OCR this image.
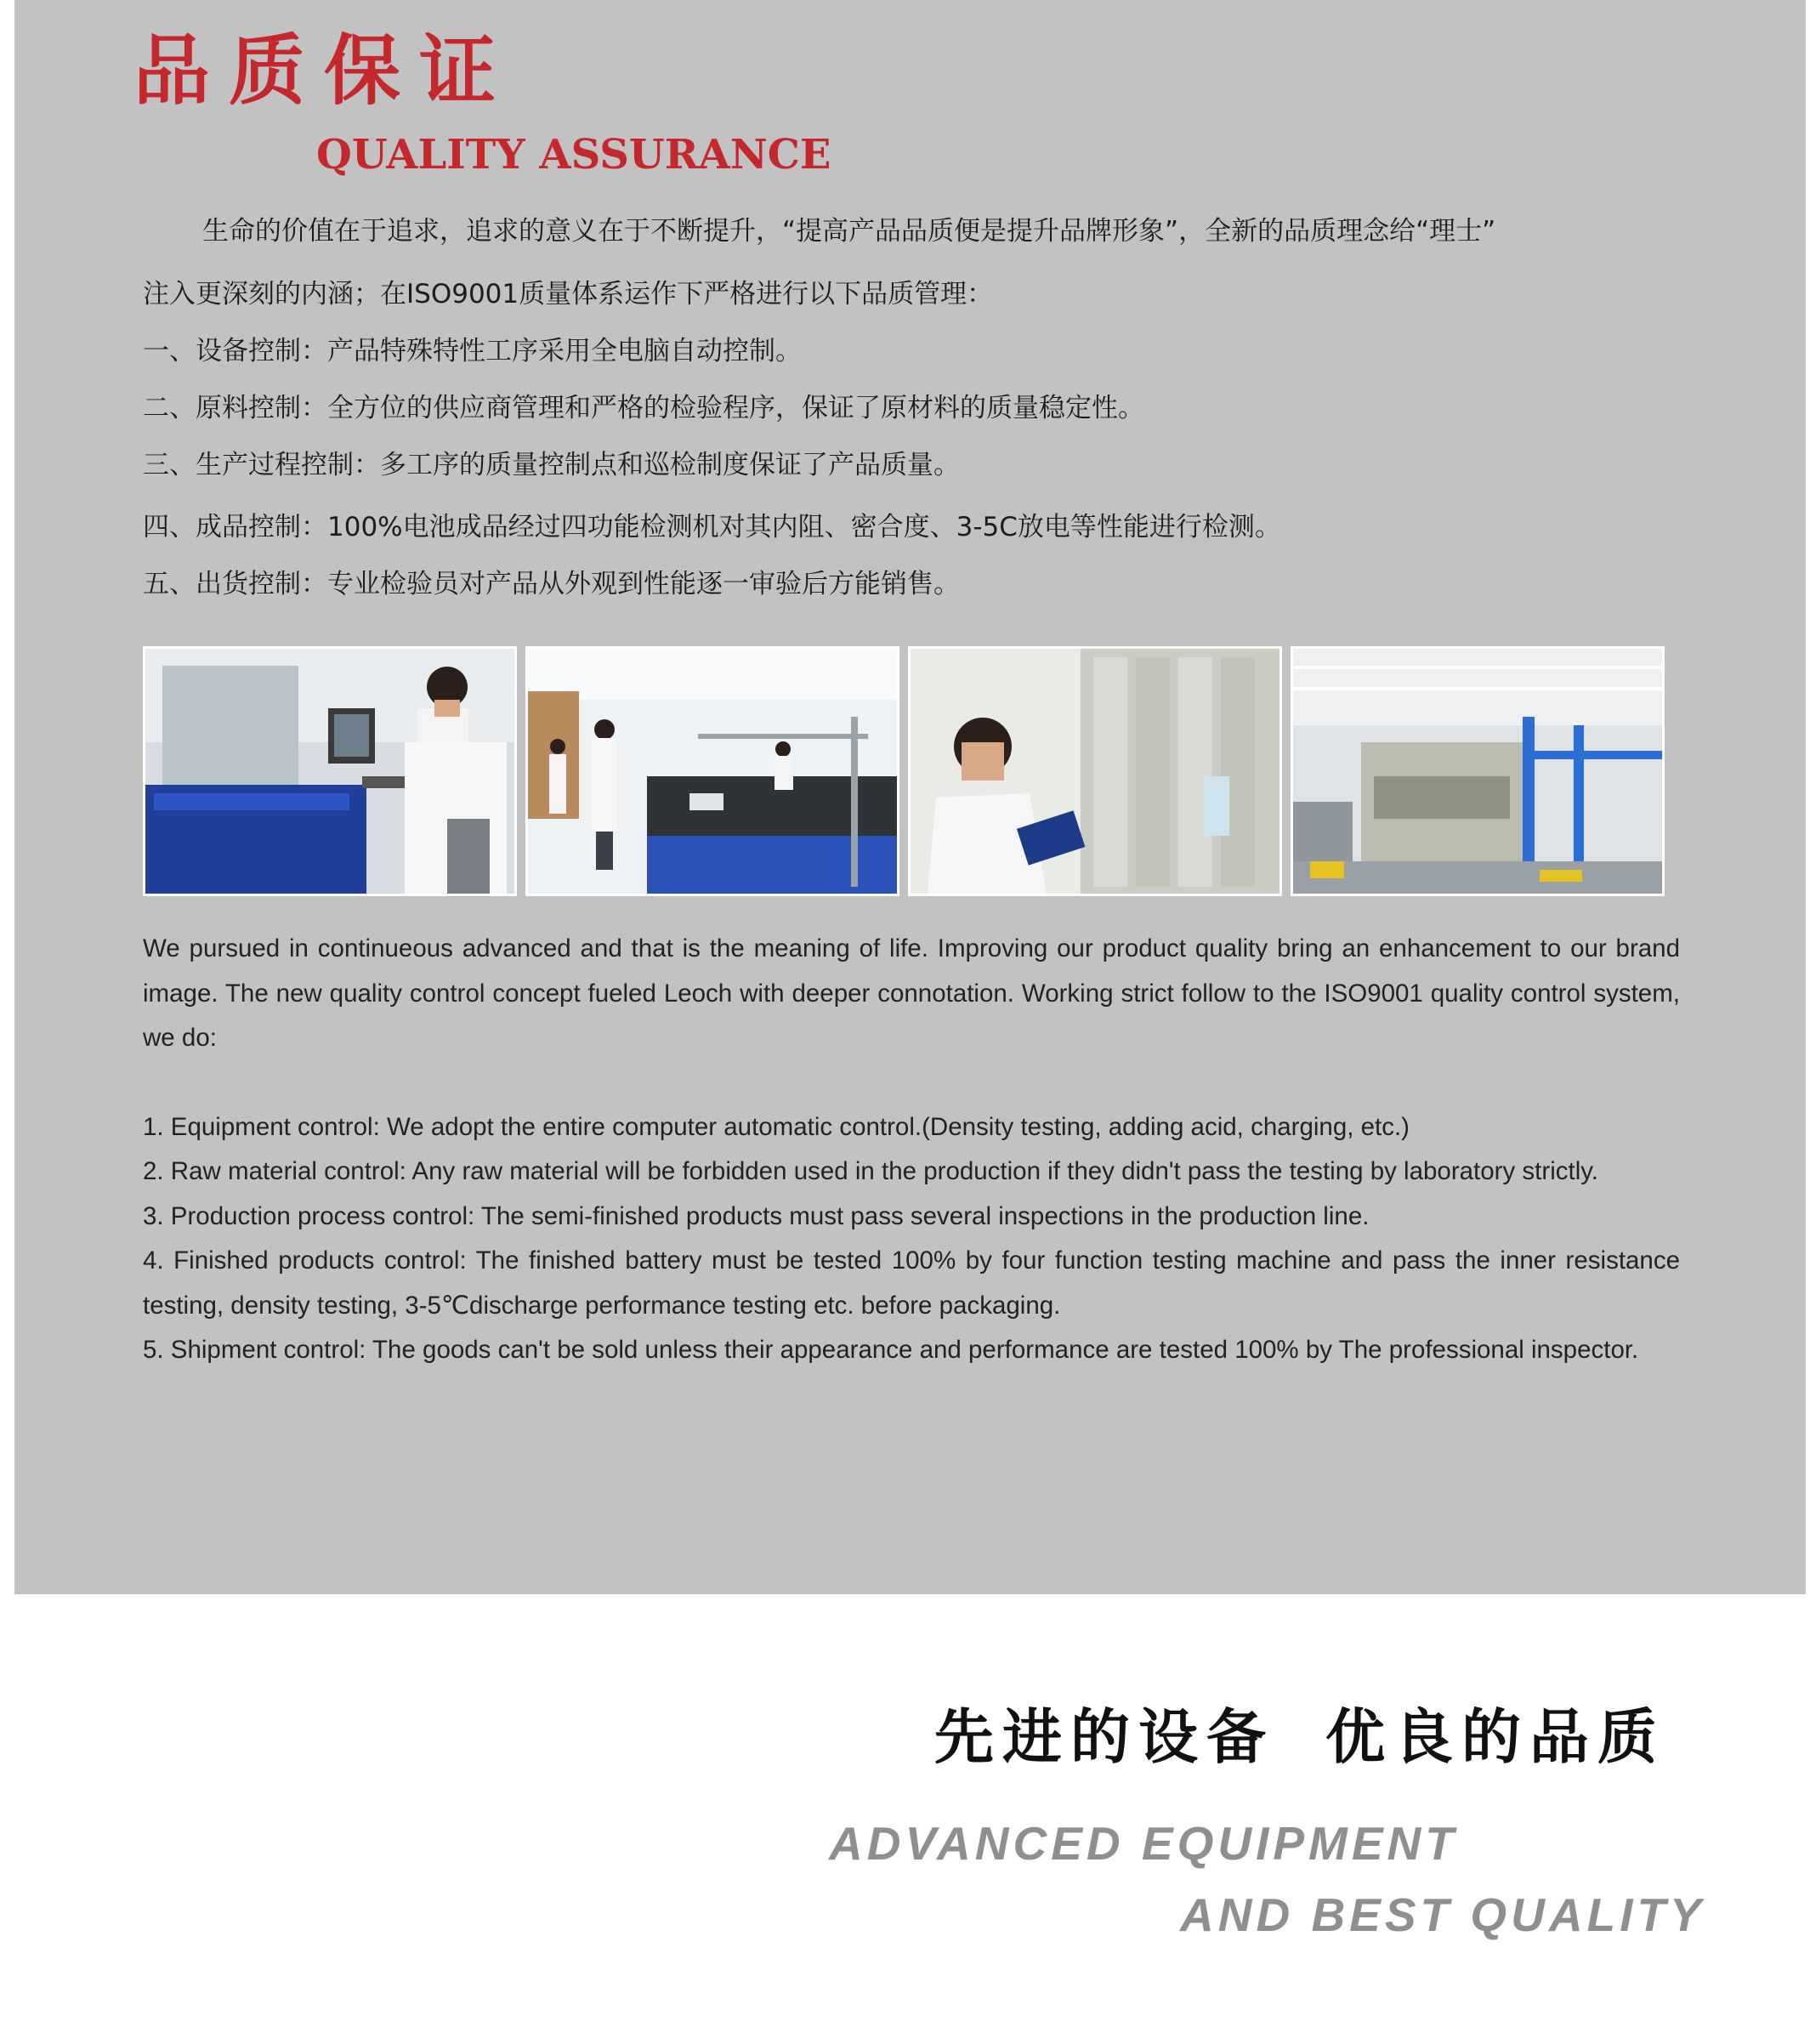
品质保证
QUALITY ASSURANCE
生命的价值在于追求，追求的意义在于不断提升，“提高产品品质便是提升品牌形象”，全新的品质理念给“理士”
注入更深刻的内涵；在ISO9001质量体系运作下严格进行以下品质管理：
一、设备控制：产品特殊特性工序采用全电脑自动控制。
二、原料控制：全方位的供应商管理和严格的检验程序，保证了原材料的质量稳定性。
三、生产过程控制：多工序的质量控制点和巡检制度保证了产品质量。
四、成品控制：100%电池成品经过四功能检测机对其内阻、密合度、3-5C放电等性能进行检测。
五、出货控制：专业检验员对产品从外观到性能逐一审验后方能销售。

We pursued in continueous advanced and that is the meaning of life. Improving our product quality bring an enhancement to our brand image. The new quality control concept fueled Leoch with deeper connotation. Working strict follow to the ISO9001 quality control system, we do:

1. Equipment control: We adopt the entire computer automatic control.(Density testing, adding acid, charging, etc.)

2. Raw material control: Any raw material will be forbidden used in the production if they didn't pass the testing by laboratory strictly.

3. Production process control: The semi-finished products must pass several inspections in the production line.

4. Finished products control: The finished battery must be tested 100% by four function testing machine and pass the inner resistance testing, density testing, 3-5℃discharge performance testing etc. before packaging.

5. Shipment control: The goods can't be sold unless their appearance and performance are tested 100% by The professional inspector.

先进的设备 优良的品质
ADVANCED EQUIPMENT
AND BEST QUALITY
